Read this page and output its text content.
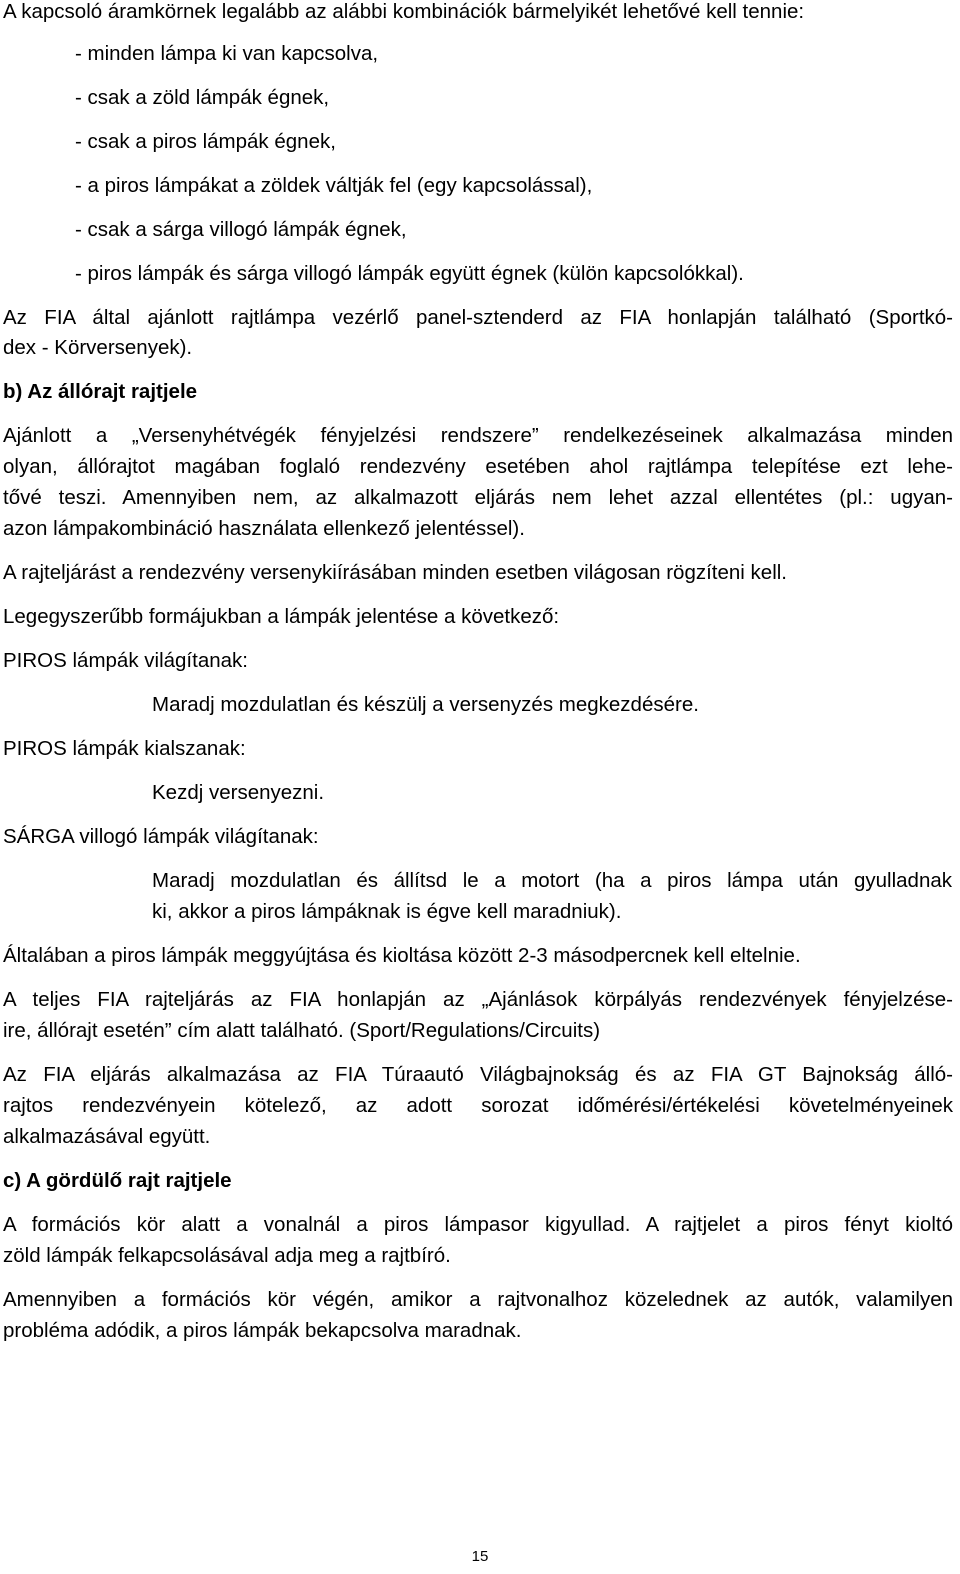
A kapcsoló áramkörnek legalább az alábbi kombinációk bármelyikét lehetővé kell tennie:
- minden lámpa ki van kapcsolva,
- csak a zöld lámpák égnek,
- csak a piros lámpák égnek,
- a piros lámpákat a zöldek váltják fel (egy kapcsolással),
- csak a sárga villogó lámpák égnek,
- piros lámpák és sárga villogó lámpák együtt égnek (külön kapcsolókkal).
Az FIA által ajánlott rajtlámpa vezérlő panel-sztenderd az FIA honlapján található (Sportkó-
dex - Körversenyek).
b) Az állórajt rajtjele
Ajánlott a „Versenyhétvégék fényjelzési rendszere” rendelkezéseinek alkalmazása minden
olyan, állórajtot magában foglaló rendezvény esetében ahol rajtlámpa telepítése ezt lehe-
tővé teszi. Amennyiben nem, az alkalmazott eljárás nem lehet azzal ellentétes (pl.: ugyan-
azon lámpakombináció használata ellenkező jelentéssel).
A rajteljárást a rendezvény versenykiírásában minden esetben világosan rögzíteni kell.
Legegyszerűbb formájukban a lámpák jelentése a következő:
PIROS lámpák világítanak:
Maradj mozdulatlan és készülj a versenyzés megkezdésére.
PIROS lámpák kialszanak:
Kezdj versenyezni.
SÁRGA villogó lámpák világítanak:
Maradj mozdulatlan és állítsd le a motort (ha a piros lámpa után gyulladnak
ki, akkor a piros lámpáknak is égve kell maradniuk).
Általában a piros lámpák meggyújtása és kioltása között 2-3 másodpercnek kell eltelnie.
A teljes FIA rajteljárás az FIA honlapján az „Ajánlások körpályás rendezvények fényjelzése-
ire, állórajt esetén” cím alatt található. (Sport/Regulations/Circuits)
Az FIA eljárás alkalmazása az FIA Túraautó Világbajnokság és az FIA GT Bajnokság álló-
rajtos rendezvényein kötelező, az adott sorozat időmérési/értékelési követelményeinek
alkalmazásával együtt.
c) A gördülő rajt rajtjele
A formációs kör alatt a vonalnál a piros lámpasor kigyullad. A rajtjelet a piros fényt kioltó
zöld lámpák felkapcsolásával adja meg a rajtbíró.
Amennyiben a formációs kör végén, amikor a rajtvonalhoz közelednek az autók, valamilyen
probléma adódik, a piros lámpák bekapcsolva maradnak.
15
